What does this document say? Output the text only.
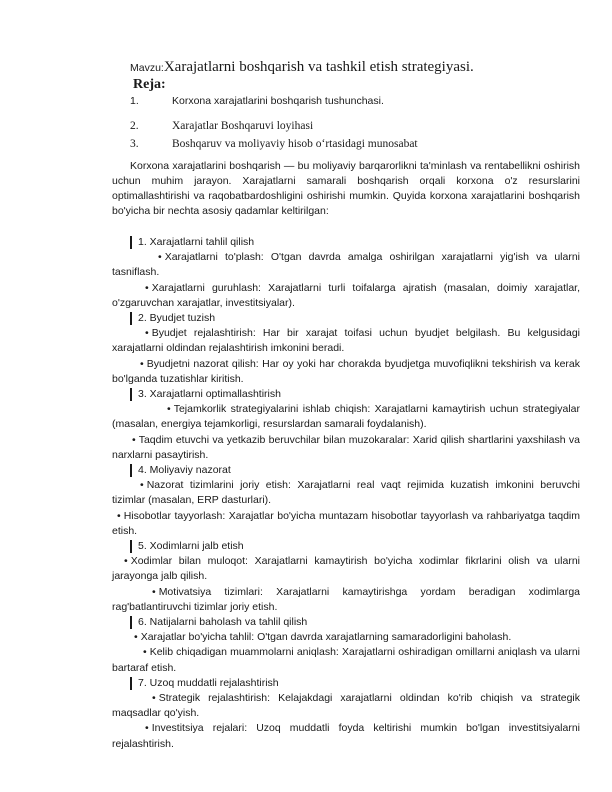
Mavzu:Xarajatlarni boshqarish va tashkil etish strategiyasi.
Reja:
1.	Korxona xarajatlarini boshqarish tushunchasi.
2.	Xarajatlar Boshqaruvi loyihasi
3.	Boshqaruv va moliyaviy hisob o‘rtasidagi munosabat

Korxona xarajatlarini boshqarish — bu moliyaviy barqarorlikni ta'minlash va rentabellikni oshirish uchun muhim jarayon. Xarajatlarni samarali boshqarish orqali korxona o'z resurslarini optimallashtirishi va raqobatbardoshligini oshirishi mumkin. Quyida korxona xarajatlarini boshqarish bo'yicha bir nechta asosiy qadamlar keltirilgan:

1. Xarajatlarni tahlil qilish

• Xarajatlarni to'plash: O'tgan davrda amalga oshirilgan xarajatlarni yig'ish va ularni tasniflash.

• Xarajatlarni guruhlash: Xarajatlarni turli toifalarga ajratish (masalan, doimiy xarajatlar, o'zgaruvchan xarajatlar, investitsiyalar).

2. Byudjet tuzish

• Byudjet rejalashtirish: Har bir xarajat toifasi uchun byudjet belgilash. Bu kelgusidagi xarajatlarni oldindan rejalashtirish imkonini beradi.

• Byudjetni nazorat qilish: Har oy yoki har chorakda byudjetga muvofiqlikni tekshirish va kerak bo'lganda tuzatishlar kiritish.

3. Xarajatlarni optimallashtirish

• Tejamkorlik strategiyalarini ishlab chiqish: Xarajatlarni kamaytirish uchun strategiyalar (masalan, energiya tejamkorligi, resurslardan samarali foydalanish).

• Taqdim etuvchi va yetkazib beruvchilar bilan muzokaralar: Xarid qilish shartlarini yaxshilash va narxlarni pasaytirish.

4. Moliyaviy nazorat

• Nazorat tizimlarini joriy etish: Xarajatlarni real vaqt rejimida kuzatish imkonini beruvchi tizimlar (masalan, ERP dasturlari).

• Hisobotlar tayyorlash: Xarajatlar bo'yicha muntazam hisobotlar tayyorlash va rahbariyatga taqdim etish.

5. Xodimlarni jalb etish

• Xodimlar bilan muloqot: Xarajatlarni kamaytirish bo'yicha xodimlar fikrlarini olish va ularni jarayonga jalb qilish.

• Motivatsiya tizimlari: Xarajatlarni kamaytirishga yordam beradigan xodimlarga rag'batlantiruvchi tizimlar joriy etish.

6. Natijalarni baholash va tahlil qilish

• Xarajatlar bo'yicha tahlil: O'tgan davrda xarajatlarning samaradorligini baholash.

• Kelib chiqadigan muammolarni aniqlash: Xarajatlarni oshiradigan omillarni aniqlash va ularni bartaraf etish.

7. Uzoq muddatli rejalashtirish

• Strategik rejalashtirish: Kelajakdagi xarajatlarni oldindan ko'rib chiqish va strategik maqsadlar qo'yish.

• Investitsiya rejalari: Uzoq muddatli foyda keltirishi mumkin bo'lgan investitsiyalarni rejalashtirish.
